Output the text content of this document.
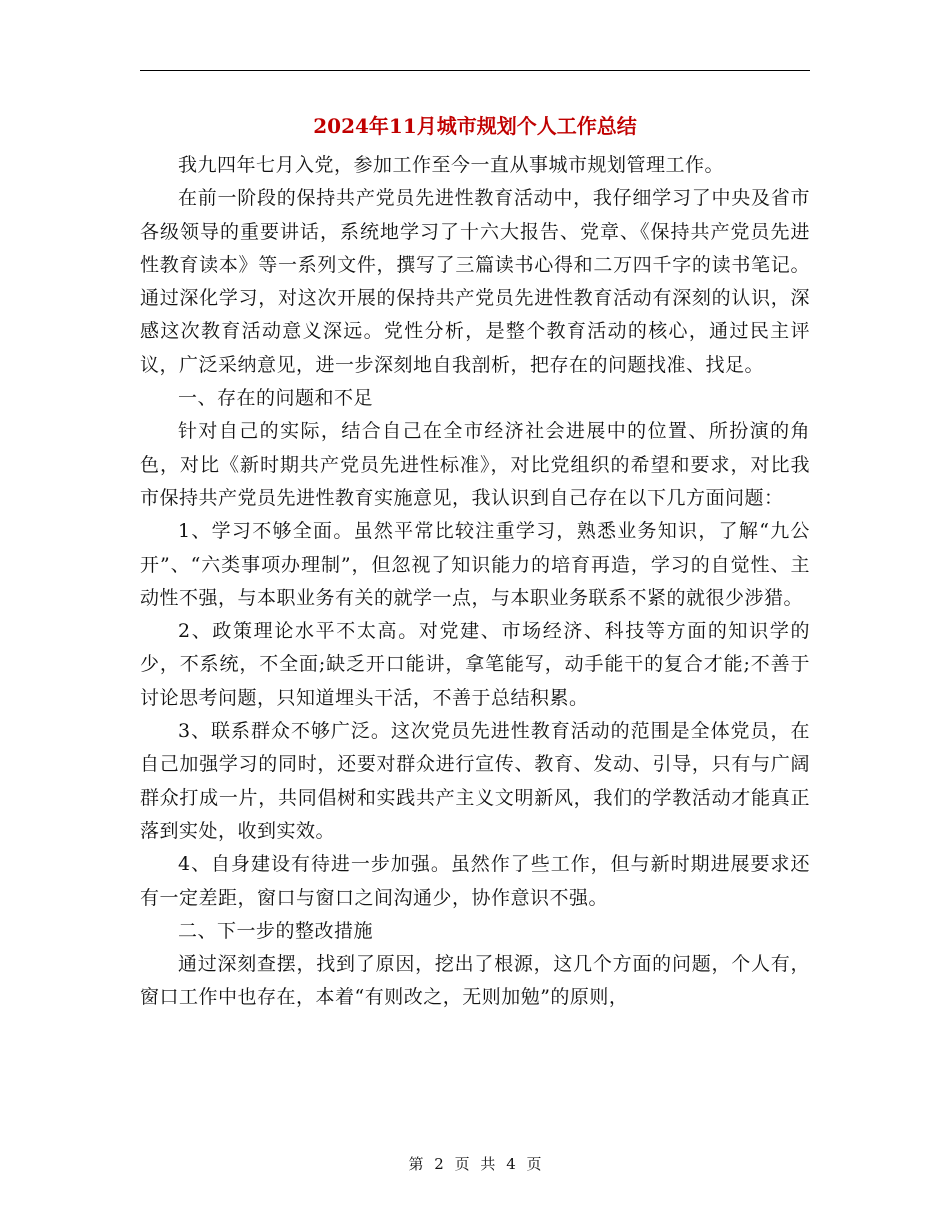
2024年11月城市规划个人工作总结

我九四年七月入党，参加工作至今一直从事城市规划管理工作。

在前一阶段的保持共产党员先进性教育活动中，我仔细学习了中央及省市各级领导的重要讲话，系统地学习了十六大报告、党章、《保持共产党员先进性教育读本》等一系列文件，撰写了三篇读书心得和二万四千字的读书笔记。通过深化学习，对这次开展的保持共产党员先进性教育活动有深刻的认识，深感这次教育活动意义深远。党性分析，是整个教育活动的核心，通过民主评议，广泛采纳意见，进一步深刻地自我剖析，把存在的问题找准、找足。

一、存在的问题和不足

针对自己的实际，结合自己在全市经济社会进展中的位置、所扮演的角色，对比《新时期共产党员先进性标准》，对比党组织的希望和要求，对比我市保持共产党员先进性教育实施意见，我认识到自己存在以下几方面问题：

1、学习不够全面。虽然平常比较注重学习，熟悉业务知识，了解“九公开”、“六类事项办理制”，但忽视了知识能力的培育再造，学习的自觉性、主动性不强，与本职业务有关的就学一点，与本职业务联系不紧的就很少涉猎。

2、政策理论水平不太高。对党建、市场经济、科技等方面的知识学的少，不系统，不全面;缺乏开口能讲，拿笔能写，动手能干的复合才能;不善于讨论思考问题，只知道埋头干活，不善于总结积累。

3、联系群众不够广泛。这次党员先进性教育活动的范围是全体党员，在自己加强学习的同时，还要对群众进行宣传、教育、发动、引导，只有与广阔群众打成一片，共同倡树和实践共产主义文明新风，我们的学教活动才能真正落到实处，收到实效。

4、自身建设有待进一步加强。虽然作了些工作，但与新时期进展要求还有一定差距，窗口与窗口之间沟通少，协作意识不强。

二、下一步的整改措施

通过深刻查摆，找到了原因，挖出了根源，这几个方面的问题，个人有，窗口工作中也存在，本着“有则改之，无则加勉”的原则，

第 2 页 共 4 页
